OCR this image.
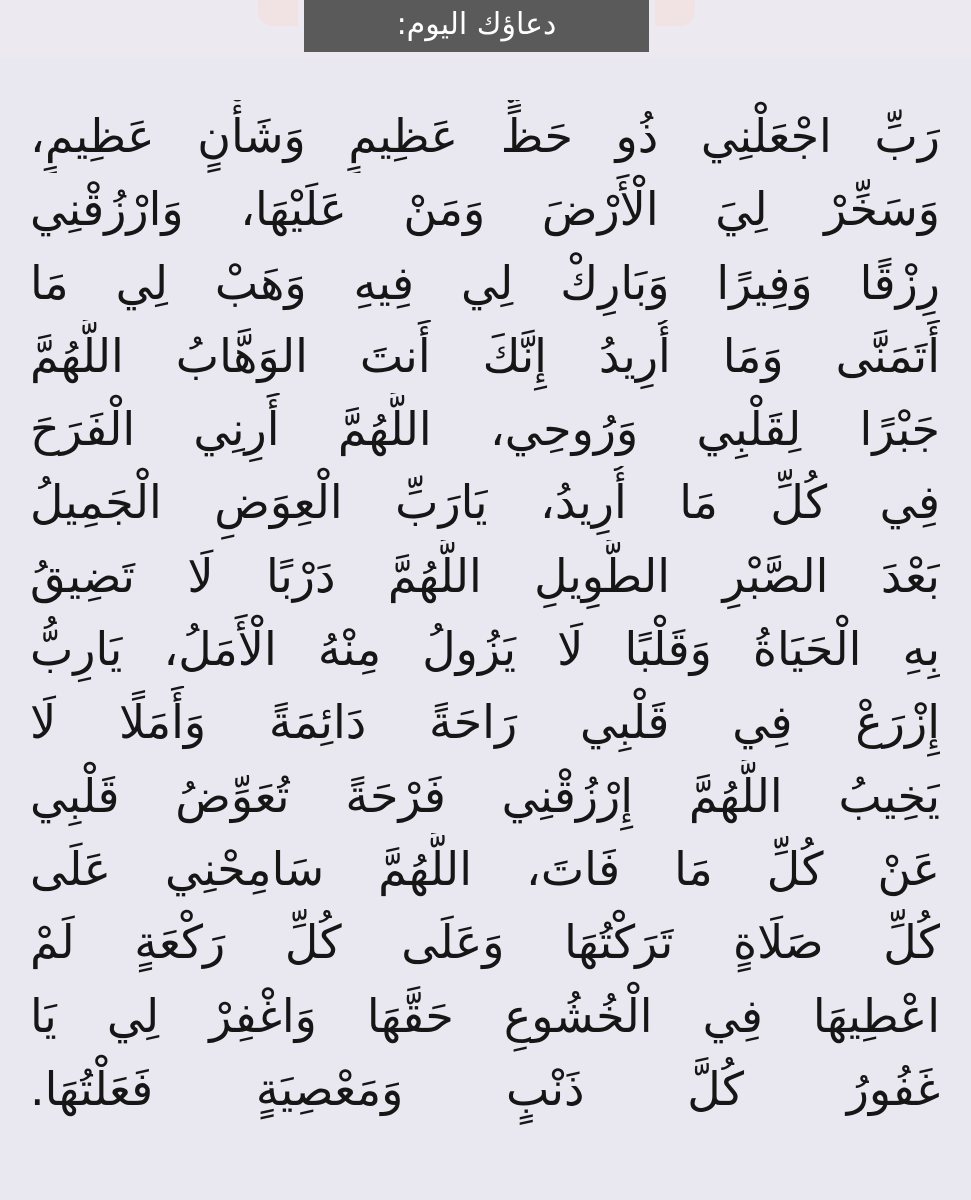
دعاؤك اليوم:
رَبِّ اجْعَلْنِي ذُو حَظٍّ عَظِيمٍ وَشَأْنٍ عَظِيمٍ،
وَسَخِّرْ لِيَ الْأَرْضَ وَمَنْ عَلَيْهَا، وَارْزُقْنِي
رِزْقًا وَفِيرًا وَبَارِكْ لِي فِيهِ وَهَبْ لِي مَا
أَتَمَنَّى وَمَا أُرِيدُ إِنَّكَ أَنتَ الوَهَّابُ اللَّهُمَّ
جَبْرًا لِقَلْبِي وَرُوحِي، اللَّهُمَّ أَرِنِي الْفَرَحَ
فِي كُلِّ مَا أُرِيدُ، يَارَبِّ الْعِوَضِ الْجَمِيلُ
بَعْدَ الصَّبْرِ الطَّوِيلِ اللَّهُمَّ دَرْبًا لَا تَضِيقُ
بِهِ الْحَيَاةُ وَقَلْبًا لَا يَزُولُ مِنْهُ الْأَمَلُ، يَارِبُّ
إِزْرَعْ فِي قَلْبِي رَاحَةً دَائِمَةً وَأَمَلًا لَا
يَخِيبُ اللَّهُمَّ إِرْزُقْنِي فَرْحَةً تُعَوِّضُ قَلْبِي
عَنْ كُلِّ مَا فَاتَ، اللَّهُمَّ سَامِحْنِي عَلَى
كُلِّ صَلَاةٍ تَرَكْتُهَا وَعَلَى كُلِّ رَكْعَةٍ لَمْ
اعْطِيهَا فِي الْخُشُوعِ حَقَّهَا وَاغْفِرْ لِي يَا
غَفُورُ كُلَّ ذَنْبٍ وَمَعْصِيَةٍ فَعَلْتُهَا.
